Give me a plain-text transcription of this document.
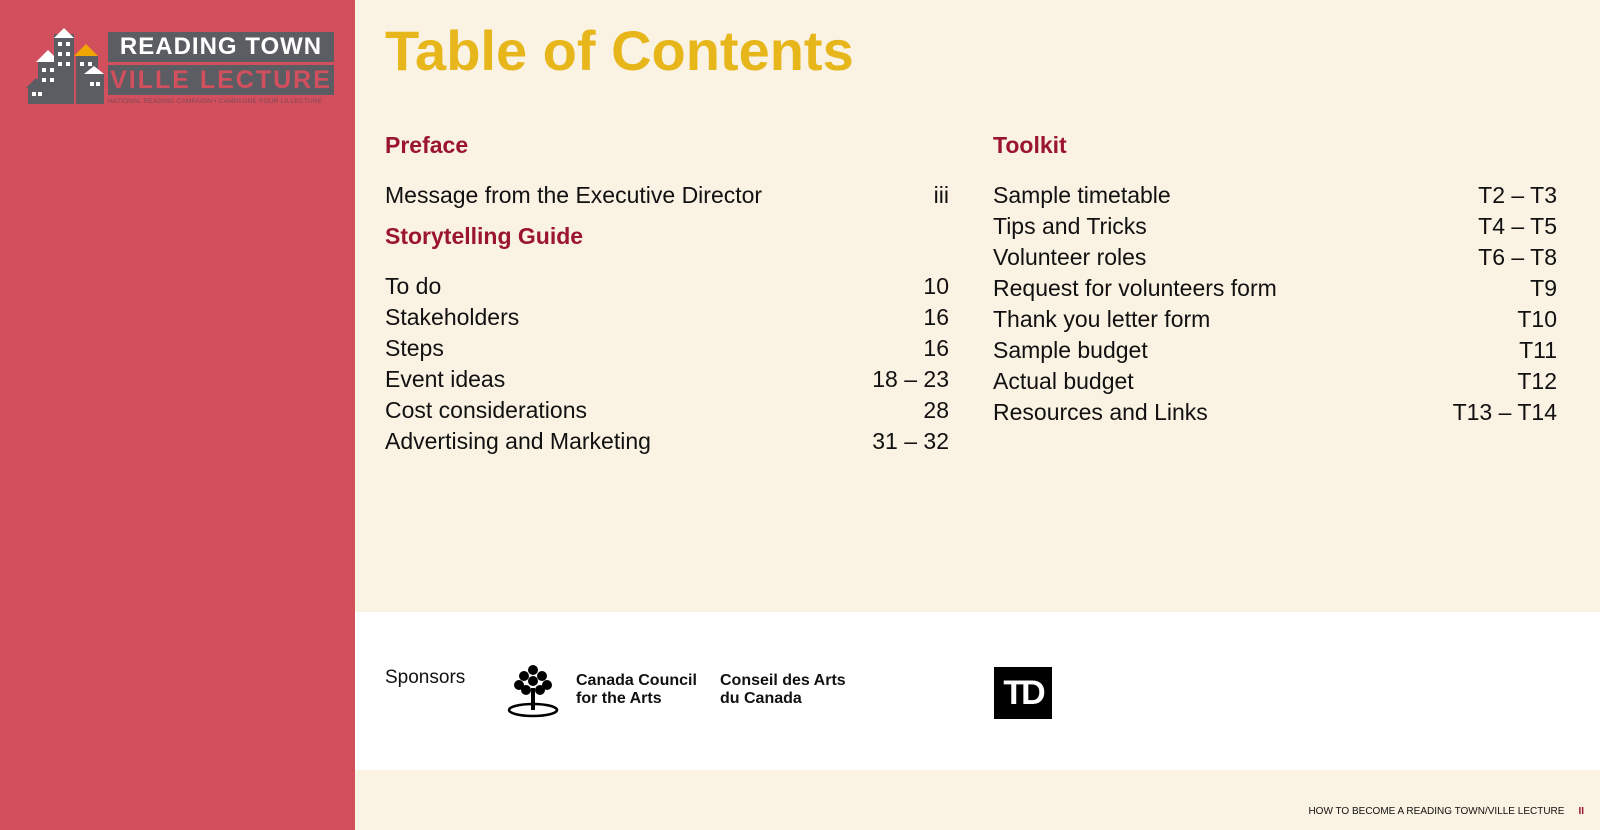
READING TOWN
VILLE LECTURE
NATIONAL READING CAMPAIGN • CAMPAGNE POUR LA LECTURE
Table of Contents
Preface
Message from the Executive Director	iii
Storytelling Guide
To do	10
Stakeholders	16
Steps	16
Event ideas	18 – 23
Cost considerations	28
Advertising and Marketing	31 – 32
Toolkit
Sample timetable	T2 – T3
Tips and Tricks	T4 – T5
Volunteer roles	T6 – T8
Request for volunteers form	T9
Thank you letter form	T10
Sample budget	T11
Actual budget	T12
Resources and Links	T13 – T14
Sponsors	Canada Council
for the Arts
Conseil des Arts
du Canada	TD
HOW TO BECOME A READING TOWN/VILLE LECTURE II
